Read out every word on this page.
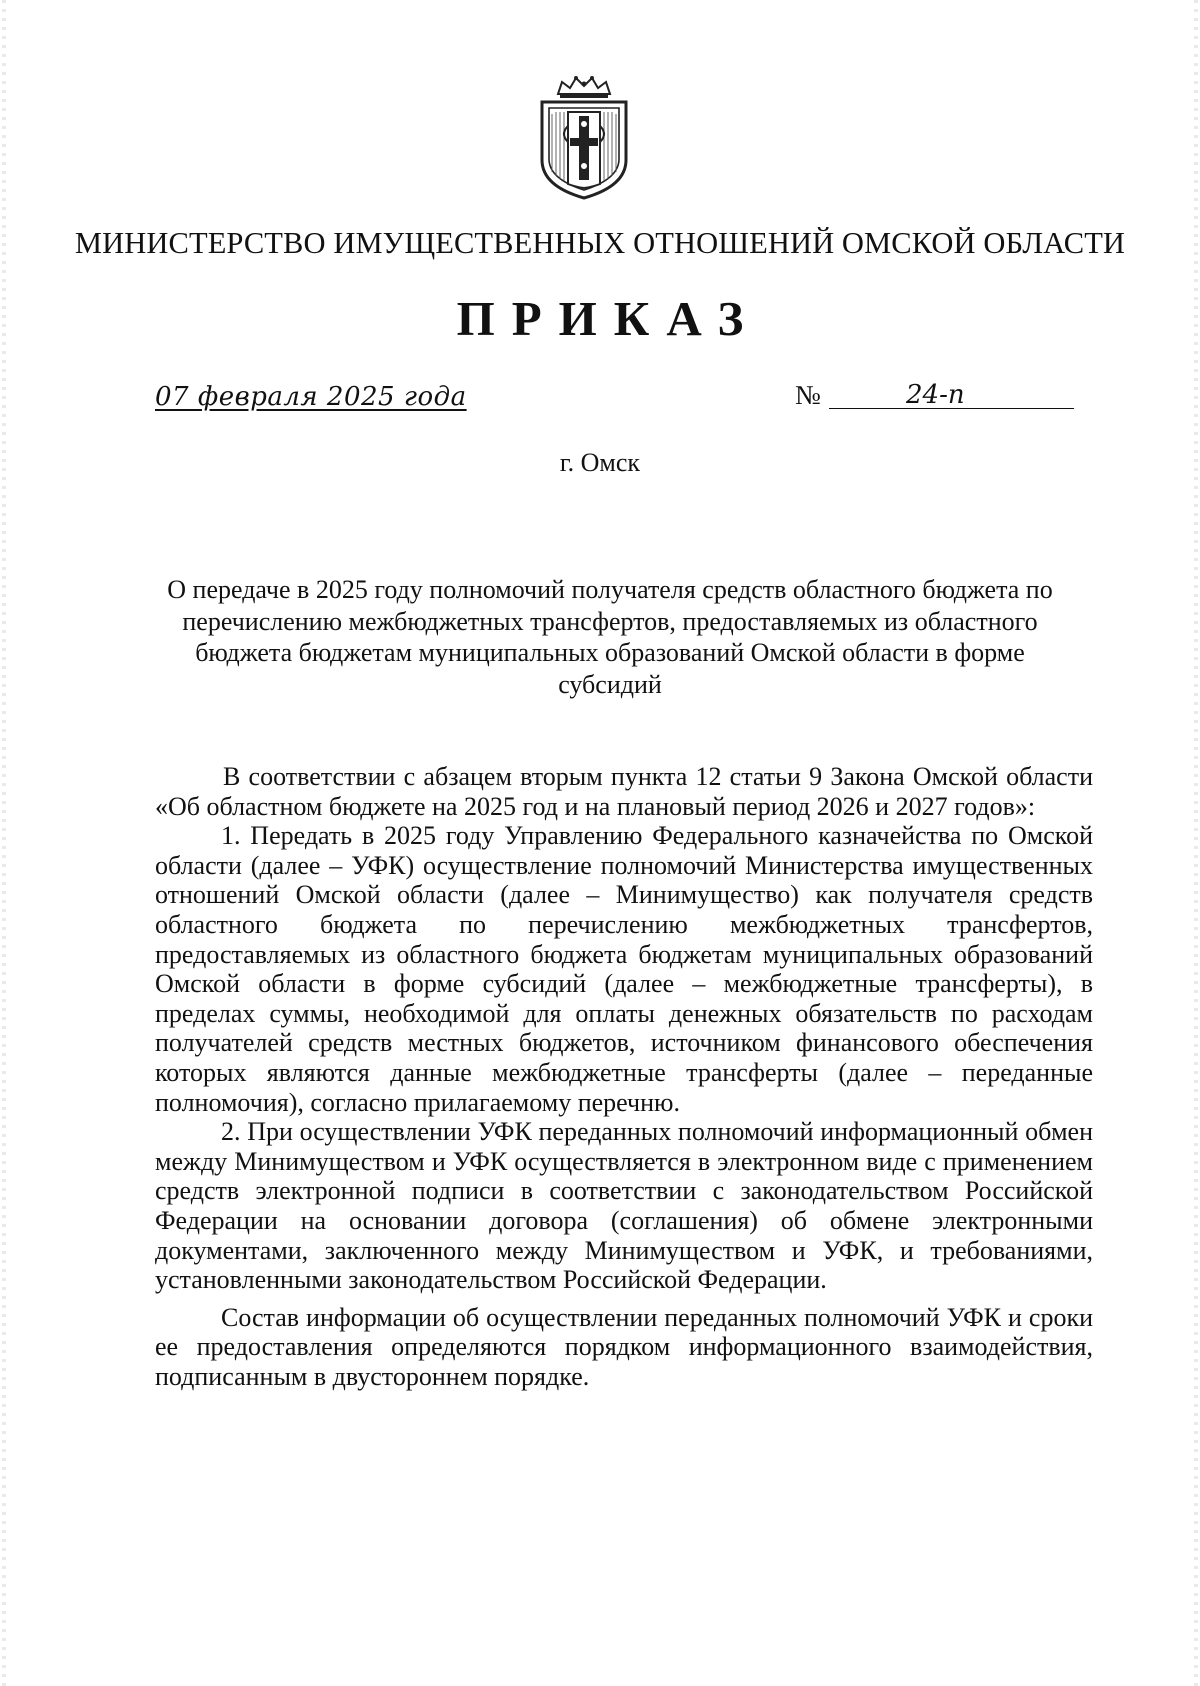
МИНИСТЕРСТВО ИМУЩЕСТВЕННЫХ ОТНОШЕНИЙ ОМСКОЙ ОБЛАСТИ
ПРИКАЗ
07 февраля 2025 года	№	24-п
г. Омск
О передаче в 2025 году полномочий получателя средств областного бюджета по перечислению межбюджетных трансфертов, предоставляемых из областного бюджета бюджетам муниципальных образований Омской области в форме субсидий

В соответствии с абзацем вторым пункта 12 статьи 9 Закона Омской области «Об областном бюджете на 2025 год и на плановый период 2026 и 2027 годов»:

1. Передать в 2025 году Управлению Федерального казначейства по Омской области (далее – УФК) осуществление полномочий Министерства имущественных отношений Омской области (далее – Минимущество) как получателя средств областного бюджета по перечислению межбюджетных трансфертов, предоставляемых из областного бюджета бюджетам муниципальных образований Омской области в форме субсидий (далее – межбюджетные трансферты), в пределах суммы, необходимой для оплаты денежных обязательств по расходам получателей средств местных бюджетов, источником финансового обеспечения которых являются данные межбюджетные трансферты (далее – переданные полномочия), согласно прилагаемому перечню.

2. При осуществлении УФК переданных полномочий информационный обмен между Минимуществом и УФК осуществляется в электронном виде с применением средств электронной подписи в соответствии с законодательством Российской Федерации на основании договора (соглашения) об обмене электронными документами, заключенного между Минимуществом и УФК, и требованиями, установленными законодательством Российской Федерации.

Состав информации об осуществлении переданных полномочий УФК и сроки ее предоставления определяются порядком информационного взаимодействия, подписанным в двустороннем порядке.
